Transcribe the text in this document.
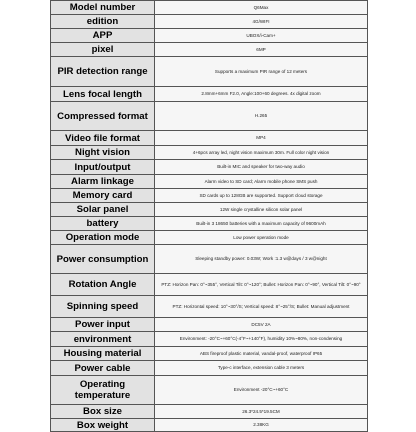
Model number	Q6Max
edition	4G/WIFI
APP	UBOX/i-Cam+
pixel	6MP
PIR detection range	Supports a maximum PIR range of 12 meters
Lens focal length	2.8mm+6mm F2.0, Angle:100+60 degrees. 4x digital zoom
Compressed format	H.265
Video file format	MP4
Night vision	4+6pcs array led, night vision maximum 30m. Full color night vision
Input/output	Built-in MIC and speaker for two-way audio
Alarm linkage	Alarm video to SD card; Alarm mobile phone SMS push
Memory card	SD cards up to 128GB are supported. Support cloud storage
Solar panel	12W single crystalline silicon solar panel
battery	Built-in 3 18650 batteries with a maximum capacity of 9600mAh
Operation mode	Low power operation mode
Power consumption	Sleeping standby power: 0.03W; Work :1.3 w@days / 3 w@night
Rotation Angle	PTZ: Horizon Pan: 0°~355°, Vertical Tilt: 0°~120°; Bullet: Horizon Pan: 0°~90°, Vertical Tilt: 0°~90°
Spinning speed	PTZ: Horizontal speed: 10°~30°/S; Vertical speed: 8°~25°/S; Bullet: Manual adjustment
Power input	DC5V 2A
environment	Environment: -20°C~+60°C(-4°F~+140°F), humidity 10%~80%, non-condensing
Housing material	ABS fireproof plastic material, vandal-proof, waterproof IP65
Power cable	Type-c interface, extension cable 3 meters
Operating temperature	Environment -20°C~+60°C
Box size	26.3*24.5*19.5CM
Box weight	2.38KG
